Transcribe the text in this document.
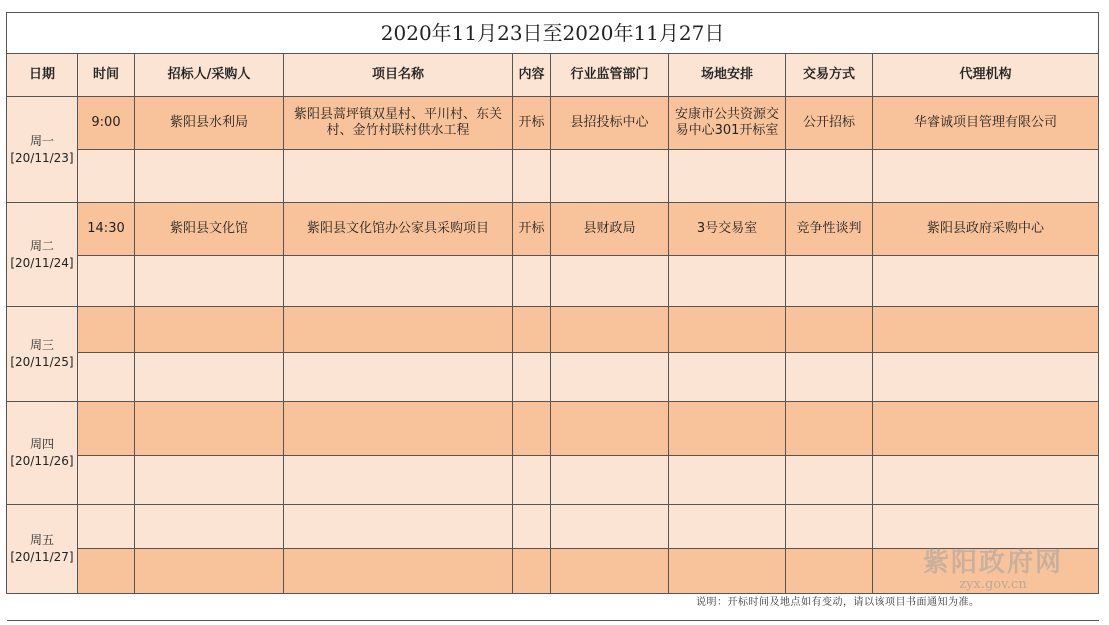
2020年11月23日至2020年11月27日								
日期	时间	招标人/采购人	项目名称	内容	行业监管部门	场地安排	交易方式	代理机构

周一
[20/11/23]	9:00	紫阳县水利局	紫阳县蒿坪镇双星村、平川村、东关村、金竹村联村供水工程	开标	县招投标中心	安康市公共资源交易中心301开标室	公开招标	华睿诚项目管理有限公司

周二
[20/11/24]	14:30	紫阳县文化馆	紫阳县文化馆办公家具采购项目	开标	县财政局	3号交易室	竞争性谈判	紫阳县政府采购中心

周三
[20/11/25]								

周四
[20/11/26]								

周五
[20/11/27]								

说明：开标时间及地点如有变动，请以该项目书面通知为准。
紫阳政府网
zyx.gov.cn
